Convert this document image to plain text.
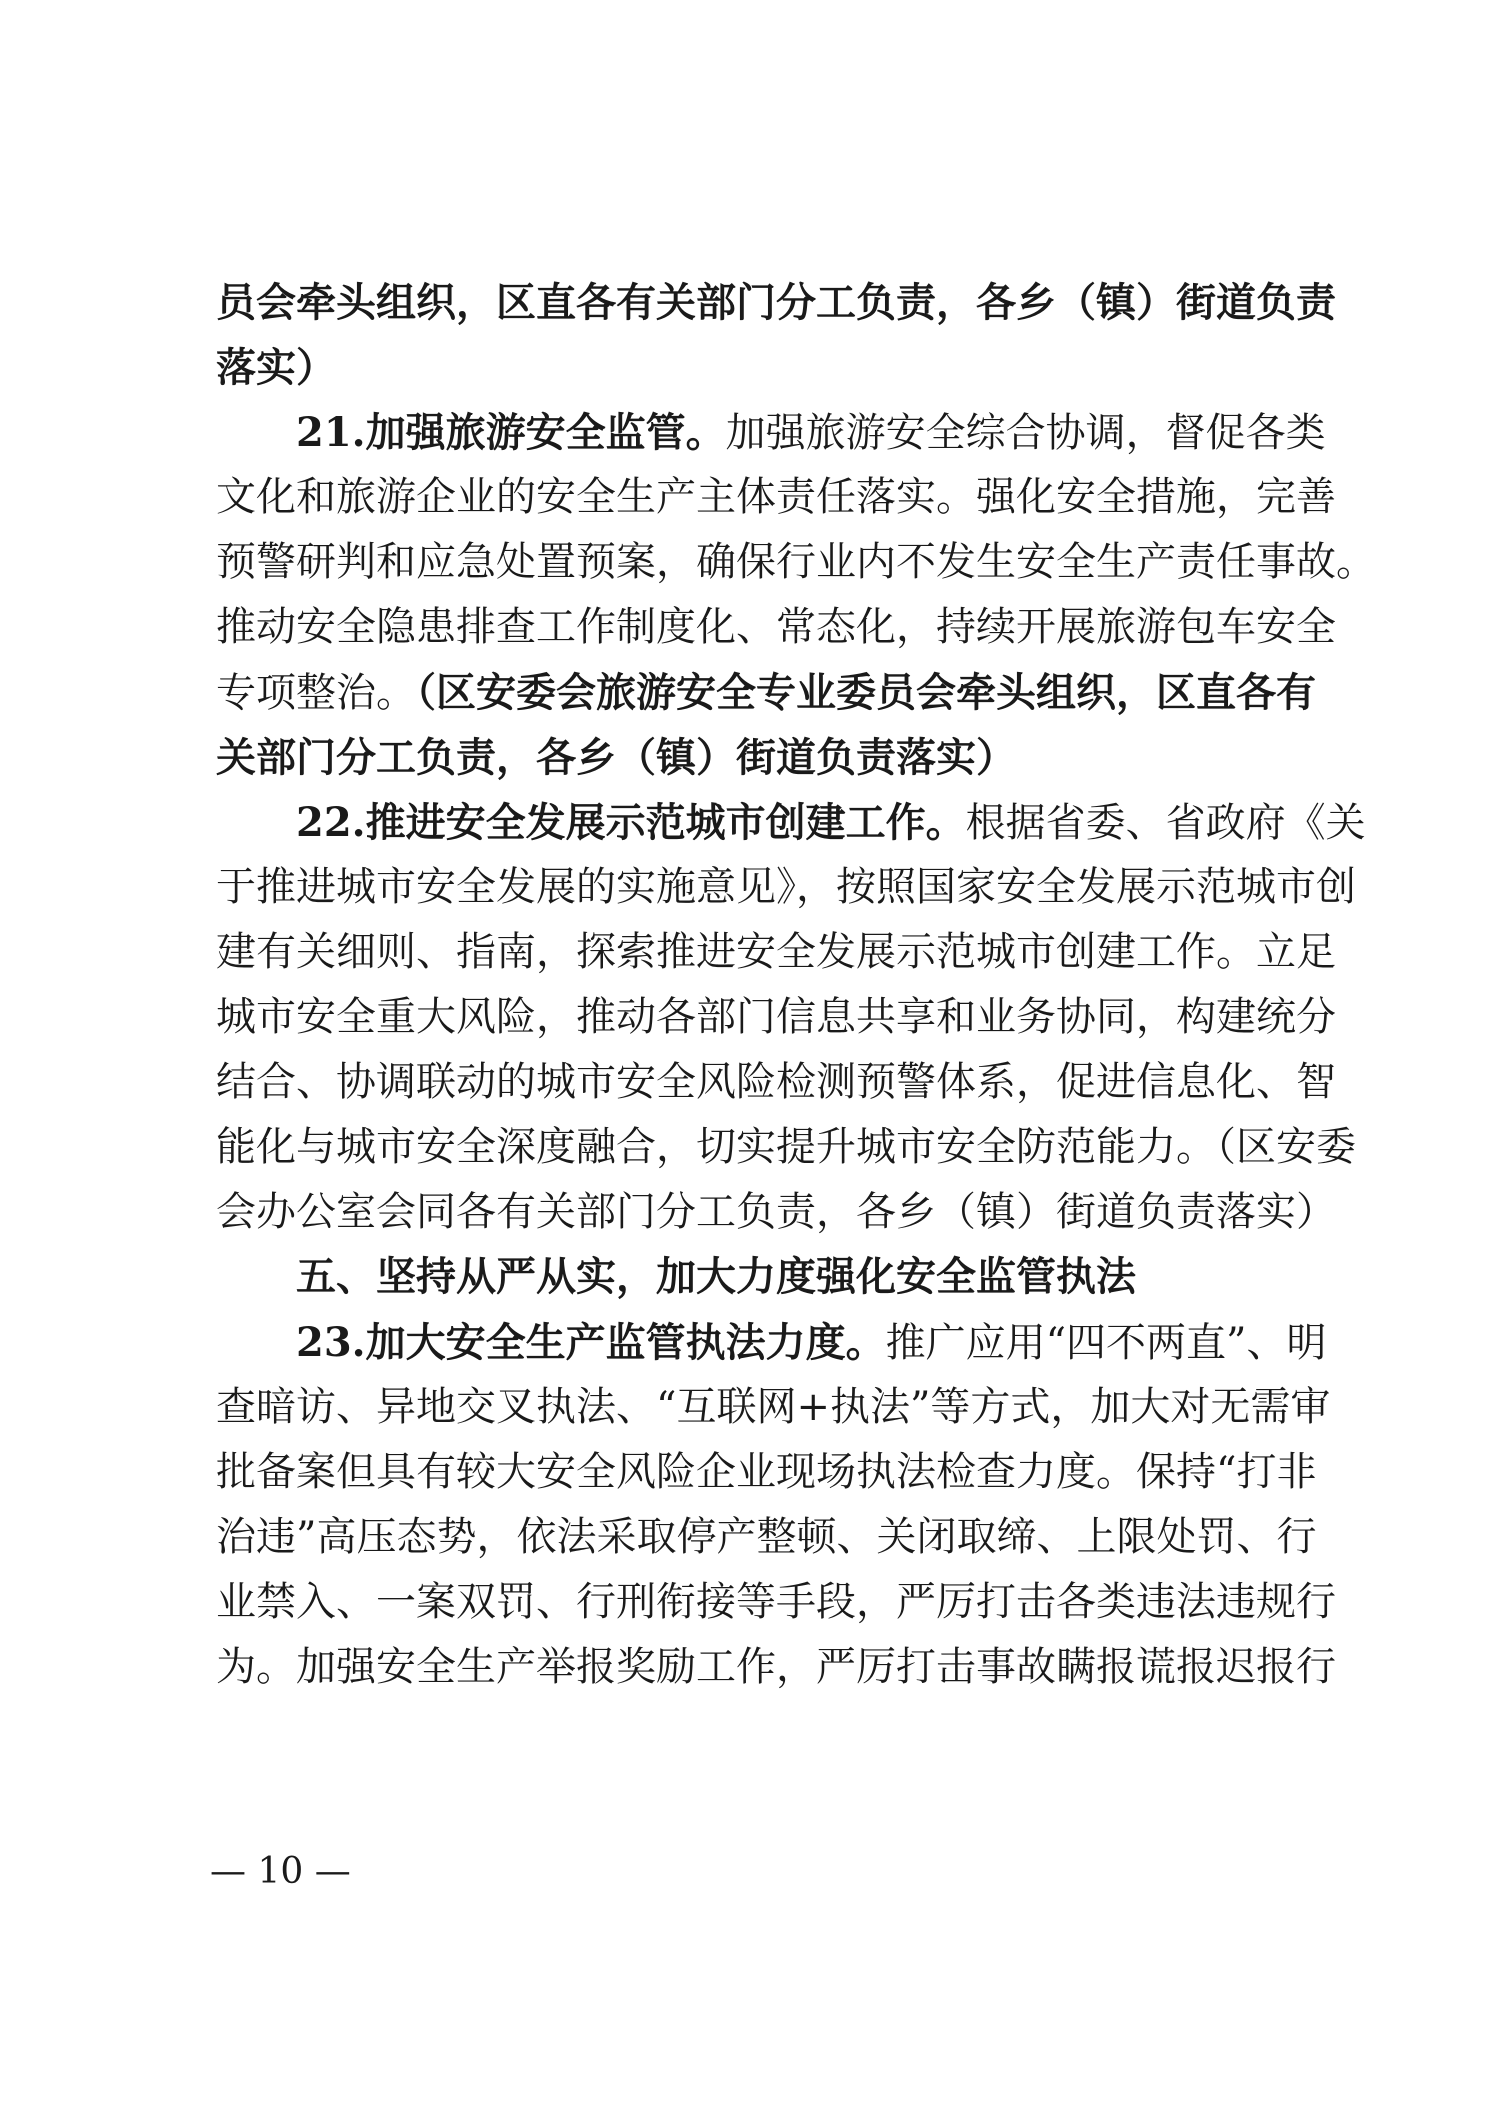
员会牵头组织，区直各有关部门分工负责，各乡（镇）街道负责
落实）
21.加强旅游安全监管。加强旅游安全综合协调，督促各类
文化和旅游企业的安全生产主体责任落实。强化安全措施，完善
预警研判和应急处置预案，确保行业内不发生安全生产责任事故。
推动安全隐患排查工作制度化、常态化，持续开展旅游包车安全
专项整治。（区安委会旅游安全专业委员会牵头组织，区直各有
关部门分工负责，各乡（镇）街道负责落实）
22.推进安全发展示范城市创建工作。根据省委、省政府《关
于推进城市安全发展的实施意见》，按照国家安全发展示范城市创
建有关细则、指南，探索推进安全发展示范城市创建工作。立足
城市安全重大风险，推动各部门信息共享和业务协同，构建统分
结合、协调联动的城市安全风险检测预警体系，促进信息化、智
能化与城市安全深度融合，切实提升城市安全防范能力。（区安委
会办公室会同各有关部门分工负责，各乡（镇）街道负责落实）
五、坚持从严从实，加大力度强化安全监管执法
23.加大安全生产监管执法力度。推广应用“四不两直”、明
查暗访、异地交叉执法、“互联网+执法”等方式，加大对无需审
批备案但具有较大安全风险企业现场执法检查力度。保持“打非
治违”高压态势，依法采取停产整顿、关闭取缔、上限处罚、行
业禁入、一案双罚、行刑衔接等手段，严厉打击各类违法违规行
为。加强安全生产举报奖励工作，严厉打击事故瞒报谎报迟报行
— 10 —
